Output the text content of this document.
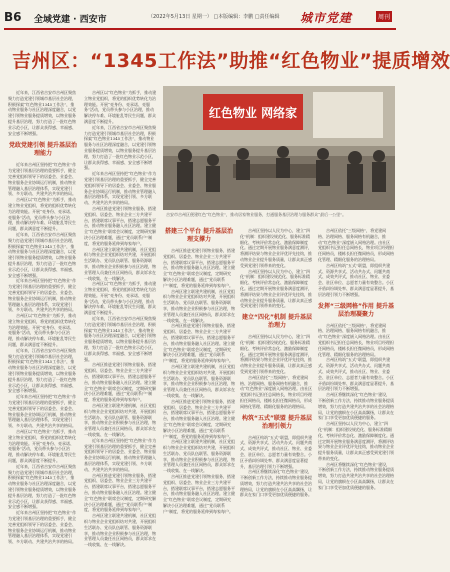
B6 全域党建 · 西安市	（2022年5月13日 星期一） □本版编辑：李鹏 □责任编辑 城市党建	周刊
吉州区：“1345工作法”助推“红色物业”提质增效

近年来，江西省吉安市吉州区聚焦聚力打造党建引领城市基层社会治理，积极探索“红色物业1345工作法”，推动物业服务与社区治理深度融合，以党建引领物业服务提质增效，以物业服务提升基层治理，努力打造了一批红色物业示范小区，让群众获得感、幸福感、安全感不断增强。

党政党建引领 提升基层治理能力

近年来吉州区坚持把“红色物业”作为党建引领基层治理的重要抓手，健全完善党组织领导下的居委会、业委会、物业服务企业协调运行机制，推动物业管理融入基层治理体系，实现党建引领、多方联动、共建共治共享的格局。

吉州区以“红色物业”为抓手，推动建立物业党组织，将党的组织优势转化为治理效能。开展“亮身份、亮承诺、亮服务”活动，党员带头参与小区治理，推动解决停车难、环境脏乱等民生问题，群众满意度不断提升。

近年来，江西省吉安市吉州区聚焦聚力打造党建引领城市基层社会治理，积极探索“红色物业1345工作法”，推动物业服务与社区治理深度融合，以党建引领物业服务提质增效，以物业服务提升基层治理，努力打造了一批红色物业示范小区，让群众获得感、幸福感、安全感不断增强。

近年来吉州区坚持把“红色物业”作为党建引领基层治理的重要抓手，健全完善党组织领导下的居委会、业委会、物业服务企业协调运行机制，推动物业管理融入基层治理体系，实现党建引领、多方联动、共建共治共享的格局。

吉州区以“红色物业”为抓手，推动建立物业党组织，将党的组织优势转化为治理效能。开展“亮身份、亮承诺、亮服务”活动，党员带头参与小区治理，推动解决停车难、环境脏乱等民生问题，群众满意度不断提升。

近年来，江西省吉安市吉州区聚焦聚力打造党建引领城市基层社会治理，积极探索“红色物业1345工作法”，推动物业服务与社区治理深度融合，以党建引领物业服务提质增效，以物业服务提升基层治理，努力打造了一批红色物业示范小区，让群众获得感、幸福感、安全感不断增强。

近年来吉州区坚持把“红色物业”作为党建引领基层治理的重要抓手，健全完善党组织领导下的居委会、业委会、物业服务企业协调运行机制，推动物业管理融入基层治理体系，实现党建引领、多方联动、共建共治共享的格局。

吉州区以“红色物业”为抓手，推动建立物业党组织，将党的组织优势转化为治理效能。开展“亮身份、亮承诺、亮服务”活动，党员带头参与小区治理，推动解决停车难、环境脏乱等民生问题，群众满意度不断提升。

近年来，江西省吉安市吉州区聚焦聚力打造党建引领城市基层社会治理，积极探索“红色物业1345工作法”，推动物业服务与社区治理深度融合，以党建引领物业服务提质增效，以物业服务提升基层治理，努力打造了一批红色物业示范小区，让群众获得感、幸福感、安全感不断增强。

近年来吉州区坚持把“红色物业”作为党建引领基层治理的重要抓手，健全完善党组织领导下的居委会、业委会、物业服务企业协调运行机制，推动物业管理融入基层治理体系，实现党建引领、多方联动、共建共治共享的格局。

吉州区以“红色物业”为抓手，推动建立物业党组织，将党的组织优势转化为治理效能。开展“亮身份、亮承诺、亮服务”活动，党员带头参与小区治理，推动解决停车难、环境脏乱等民生问题，群众满意度不断提升。

近年来，江西省吉安市吉州区聚焦聚力打造党建引领城市基层社会治理，积极探索“红色物业1345工作法”，推动物业服务与社区治理深度融合，以党建引领物业服务提质增效，以物业服务提升基层治理，努力打造了一批红色物业示范小区，让群众获得感、幸福感、安全感不断增强。

近年来吉州区坚持把“红色物业”作为党建引领基层治理的重要抓手，健全完善党组织领导下的居委会、业委会、物业服务企业协调运行机制，推动物业管理融入基层治理体系，实现党建引领、多方联动、共建共治共享的格局。

吉州区推进党建引领物业服务，搭建党组织、居委会、物业企业三方共建平台，搭建联席议事平台，搭建志愿服务平台，推动物业服务融入社区治理。建立健全“红色物业”联席会议制度，定期研究解决小区治理难题，通过“党员联系户”制度，将党的服务延伸到每家每户。

吉州区建立联建共建机制，社区党组织与物业企业党组织结对共建，开展组织生活联办、党员队伍联管、服务资源联享，推动物业企业积极参与社区治理，物业管理人员兼任社区网格员，群众诉求在一线收集、在一线解决。

吉州区以“红色物业”为抓手，推动建立物业党组织，将党的组织优势转化为治理效能。开展“亮身份、亮承诺、亮服务”活动，党员带头参与小区治理，推动解决停车难、环境脏乱等民生问题，群众满意度不断提升。

近年来，江西省吉安市吉州区聚焦聚力打造党建引领城市基层社会治理，积极探索“红色物业1345工作法”，推动物业服务与社区治理深度融合，以党建引领物业服务提质增效，以物业服务提升基层治理，努力打造了一批红色物业示范小区，让群众获得感、幸福感、安全感不断增强。

吉州区推进党建引领物业服务，搭建党组织、居委会、物业企业三方共建平台，搭建联席议事平台，搭建志愿服务平台，推动物业服务融入社区治理。建立健全“红色物业”联席会议制度，定期研究解决小区治理难题，通过“党员联系户”制度，将党的服务延伸到每家每户。

吉州区建立联建共建机制，社区党组织与物业企业党组织结对共建，开展组织生活联办、党员队伍联管、服务资源联享，推动物业企业积极参与社区治理，物业管理人员兼任社区网格员，群众诉求在一线收集、在一线解决。

近年来吉州区坚持把“红色物业”作为党建引领基层治理的重要抓手，健全完善党组织领导下的居委会、业委会、物业服务企业协调运行机制，推动物业管理融入基层治理体系，实现党建引领、多方联动、共建共治共享的格局。

吉州区推进党建引领物业服务，搭建党组织、居委会、物业企业三方共建平台，搭建联席议事平台，搭建志愿服务平台，推动物业服务融入社区治理。建立健全“红色物业”联席会议制度，定期研究解决小区治理难题，通过“党员联系户”制度，将党的服务延伸到每家每户。

吉州区建立联建共建机制，社区党组织与物业企业党组织结对共建，开展组织生活联办、党员队伍联管、服务资源联享，推动物业企业积极参与社区治理，物业管理人员兼任社区网格员，群众诉求在一线收集、在一线解决。

红色物业 网络家
吉安市吉州区便建红色“红色物业”，推动居家物业服务，打通服务基层治理与服务群众“最后一公里”。
搭建三个平台 提升基层治理支撑力

吉州区推进党建引领物业服务，搭建党组织、居委会、物业企业三方共建平台，搭建联席议事平台，搭建志愿服务平台，推动物业服务融入社区治理。建立健全“红色物业”联席会议制度，定期研究解决小区治理难题，通过“党员联系户”制度，将党的服务延伸到每家每户。

吉州区建立联建共建机制，社区党组织与物业企业党组织结对共建，开展组织生活联办、党员队伍联管、服务资源联享，推动物业企业积极参与社区治理，物业管理人员兼任社区网格员，群众诉求在一线收集、在一线解决。

吉州区推进党建引领物业服务，搭建党组织、居委会、物业企业三方共建平台，搭建联席议事平台，搭建志愿服务平台，推动物业服务融入社区治理。建立健全“红色物业”联席会议制度，定期研究解决小区治理难题，通过“党员联系户”制度，将党的服务延伸到每家每户。

吉州区建立联建共建机制，社区党组织与物业企业党组织结对共建，开展组织生活联办、党员队伍联管、服务资源联享，推动物业企业积极参与社区治理，物业管理人员兼任社区网格员，群众诉求在一线收集、在一线解决。

吉州区推进党建引领物业服务，搭建党组织、居委会、物业企业三方共建平台，搭建联席议事平台，搭建志愿服务平台，推动物业服务融入社区治理。建立健全“红色物业”联席会议制度，定期研究解决小区治理难题，通过“党员联系户”制度，将党的服务延伸到每家每户。

吉州区建立联建共建机制，社区党组织与物业企业党组织结对共建，开展组织生活联办、党员队伍联管、服务资源联享，推动物业企业积极参与社区治理，物业管理人员兼任社区网格员，群众诉求在一线收集、在一线解决。

吉州区推进党建引领物业服务，搭建党组织、居委会、物业企业三方共建平台，搭建联席议事平台，搭建志愿服务平台，推动物业服务融入社区治理。建立健全“红色物业”联席会议制度，定期研究解决小区治理难题，通过“党员联系户”制度，将党的服务延伸到每家每户。

吉州区坚持以人民为中心，建立“四化”机制：组织建设规范化、服务标准精细化、考核评价常态化、激励保障制度化。通过定期开展物业服务满意度测评，将测评结果与物业企业评优评先挂钩，推动物业企业提升服务质量，让群众真正感受到党建引领带来的变化。

吉州区坚持以人民为中心，建立“四化”机制：组织建设规范化、服务标准精细化、考核评价常态化、激励保障制度化。通过定期开展物业服务满意度测评，将测评结果与物业企业评优评先挂钩，推动物业企业提升服务质量，让群众真正感受到党建引领带来的变化。

建立“四化”机制 提升基层治理力

吉州区坚持以人民为中心，建立“四化”机制：组织建设规范化、服务标准精细化、考核评价常态化、激励保障制度化。通过定期开展物业服务满意度测评，将测评结果与物业企业评优评先挂钩，推动物业企业提升服务质量，让群众真正感受到党建引领带来的变化。

吉州区依托“三级网格”，将党建网格、治理网格、服务网格有机融合，推动“红色物业”深度嵌入网格治理。由社区党组织书记担任总网格长，物业项目经理担任网格员，楼栋长担任微网格员，形成网格化管理、精细化服务的治理格局。

构筑“五式”联盟 提升基层治理引领力

吉州区构筑“五式”联盟，即组织共建式、资源共享式、活动共办式、问题共商式、成效共评式，推动社区、物业、业委会、驻区单位、志愿者力量有效整合。小区矛盾纠纷调处率、群众满意度显著提升，基层治理引领力不断增强。

吉州区将继续深化“红色物业”建设，不断创新工作方法，持续推动物业服务提质增效，努力打造共建共治共享的社会治理格局，让党的旗帜在小区高高飘扬，让群众在家门口享受更加优质便捷的服务。

吉州区依托“三级网格”，将党建网格、治理网格、服务网格有机融合，推动“红色物业”深度嵌入网格治理。由社区党组织书记担任总网格长，物业项目经理担任网格员，楼栋长担任微网格员，形成网格化管理、精细化服务的治理格局。

吉州区构筑“五式”联盟，即组织共建式、资源共享式、活动共办式、问题共商式、成效共评式，推动社区、物业、业委会、驻区单位、志愿者力量有效整合。小区矛盾纠纷调处率、群众满意度显著提升，基层治理引领力不断增强。

发挥“三级网格”作用 提升基层治理凝聚力

吉州区依托“三级网格”，将党建网格、治理网格、服务网格有机融合，推动“红色物业”深度嵌入网格治理。由社区党组织书记担任总网格长，物业项目经理担任网格员，楼栋长担任微网格员，形成网格化管理、精细化服务的治理格局。

吉州区构筑“五式”联盟，即组织共建式、资源共享式、活动共办式、问题共商式、成效共评式，推动社区、物业、业委会、驻区单位、志愿者力量有效整合。小区矛盾纠纷调处率、群众满意度显著提升，基层治理引领力不断增强。

吉州区将继续深化“红色物业”建设，不断创新工作方法，持续推动物业服务提质增效，努力打造共建共治共享的社会治理格局，让党的旗帜在小区高高飘扬，让群众在家门口享受更加优质便捷的服务。

吉州区坚持以人民为中心，建立“四化”机制：组织建设规范化、服务标准精细化、考核评价常态化、激励保障制度化。通过定期开展物业服务满意度测评，将测评结果与物业企业评优评先挂钩，推动物业企业提升服务质量，让群众真正感受到党建引领带来的变化。

吉州区将继续深化“红色物业”建设，不断创新工作方法，持续推动物业服务提质增效，努力打造共建共治共享的社会治理格局，让党的旗帜在小区高高飘扬，让群众在家门口享受更加优质便捷的服务。
